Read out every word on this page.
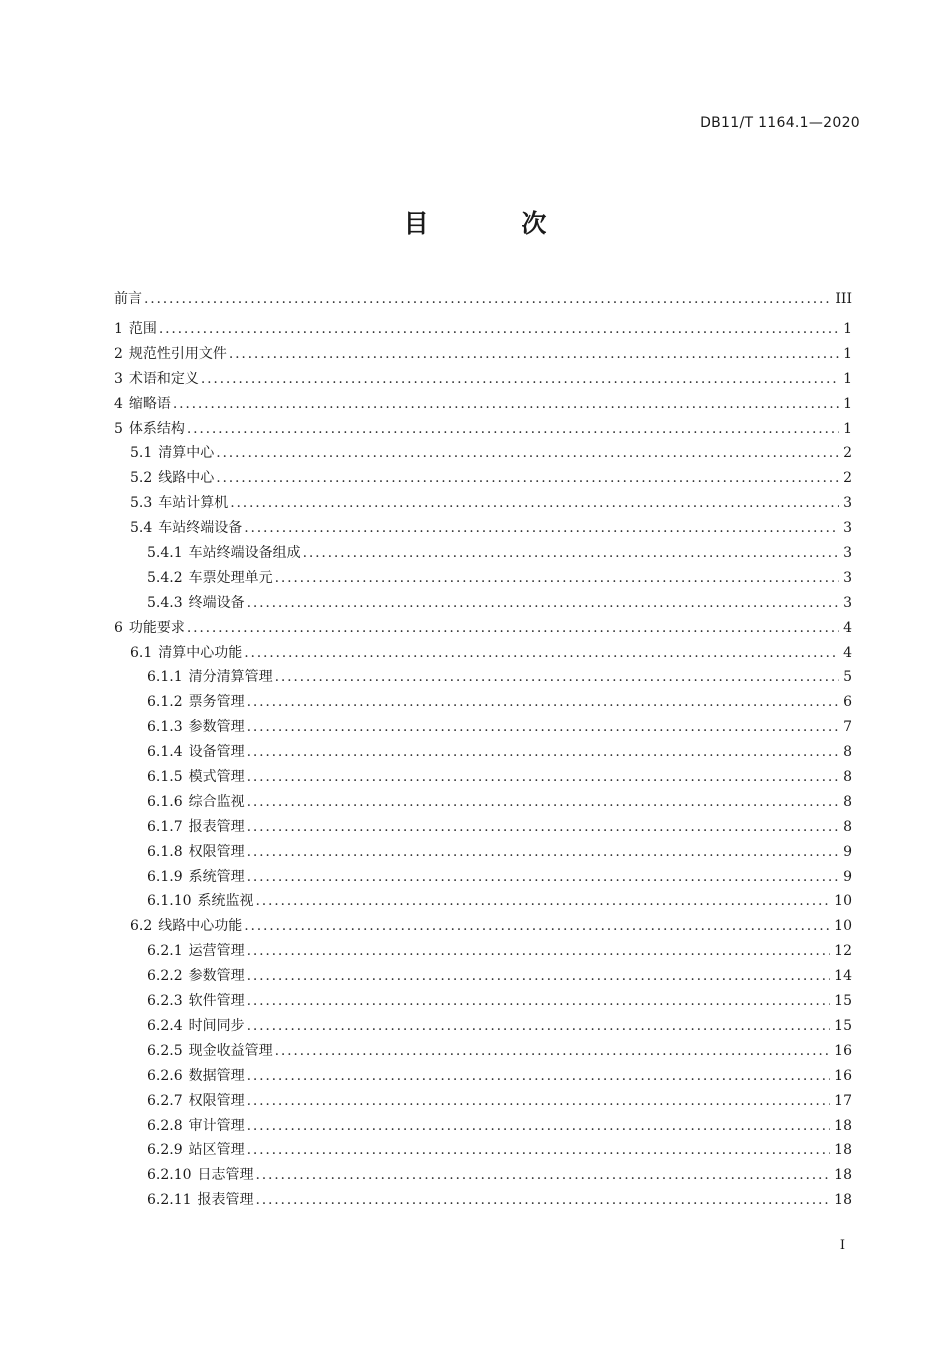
DB11/T 1164.1—2020
目 次
前言 .....	III
1 范围 .....	1
2 规范性引用文件 .....	1
3 术语和定义 .....	1
4 缩略语 .....	1
5 体系结构 .....	1
5.1 清算中心 .....	2
5.2 线路中心 .....	2
5.3 车站计算机 .....	3
5.4 车站终端设备 .....	3
5.4.1 车站终端设备组成 .....	3
5.4.2 车票处理单元 .....	3
5.4.3 终端设备 .....	3
6 功能要求 .....	4
6.1 清算中心功能 .....	4
6.1.1 清分清算管理 .....	5
6.1.2 票务管理 .....	6
6.1.3 参数管理 .....	7
6.1.4 设备管理 .....	8
6.1.5 模式管理 .....	8
6.1.6 综合监视 .....	8
6.1.7 报表管理 .....	8
6.1.8 权限管理 .....	9
6.1.9 系统管理 .....	9
6.1.10 系统监视 .....	10
6.2 线路中心功能 .....	10
6.2.1 运营管理 .....	12
6.2.2 参数管理 .....	14
6.2.3 软件管理 .....	15
6.2.4 时间同步 .....	15
6.2.5 现金收益管理 .....	16
6.2.6 数据管理 .....	16
6.2.7 权限管理 .....	17
6.2.8 审计管理 .....	18
6.2.9 站区管理 .....	18
6.2.10 日志管理 .....	18
6.2.11 报表管理 .....	18
I
